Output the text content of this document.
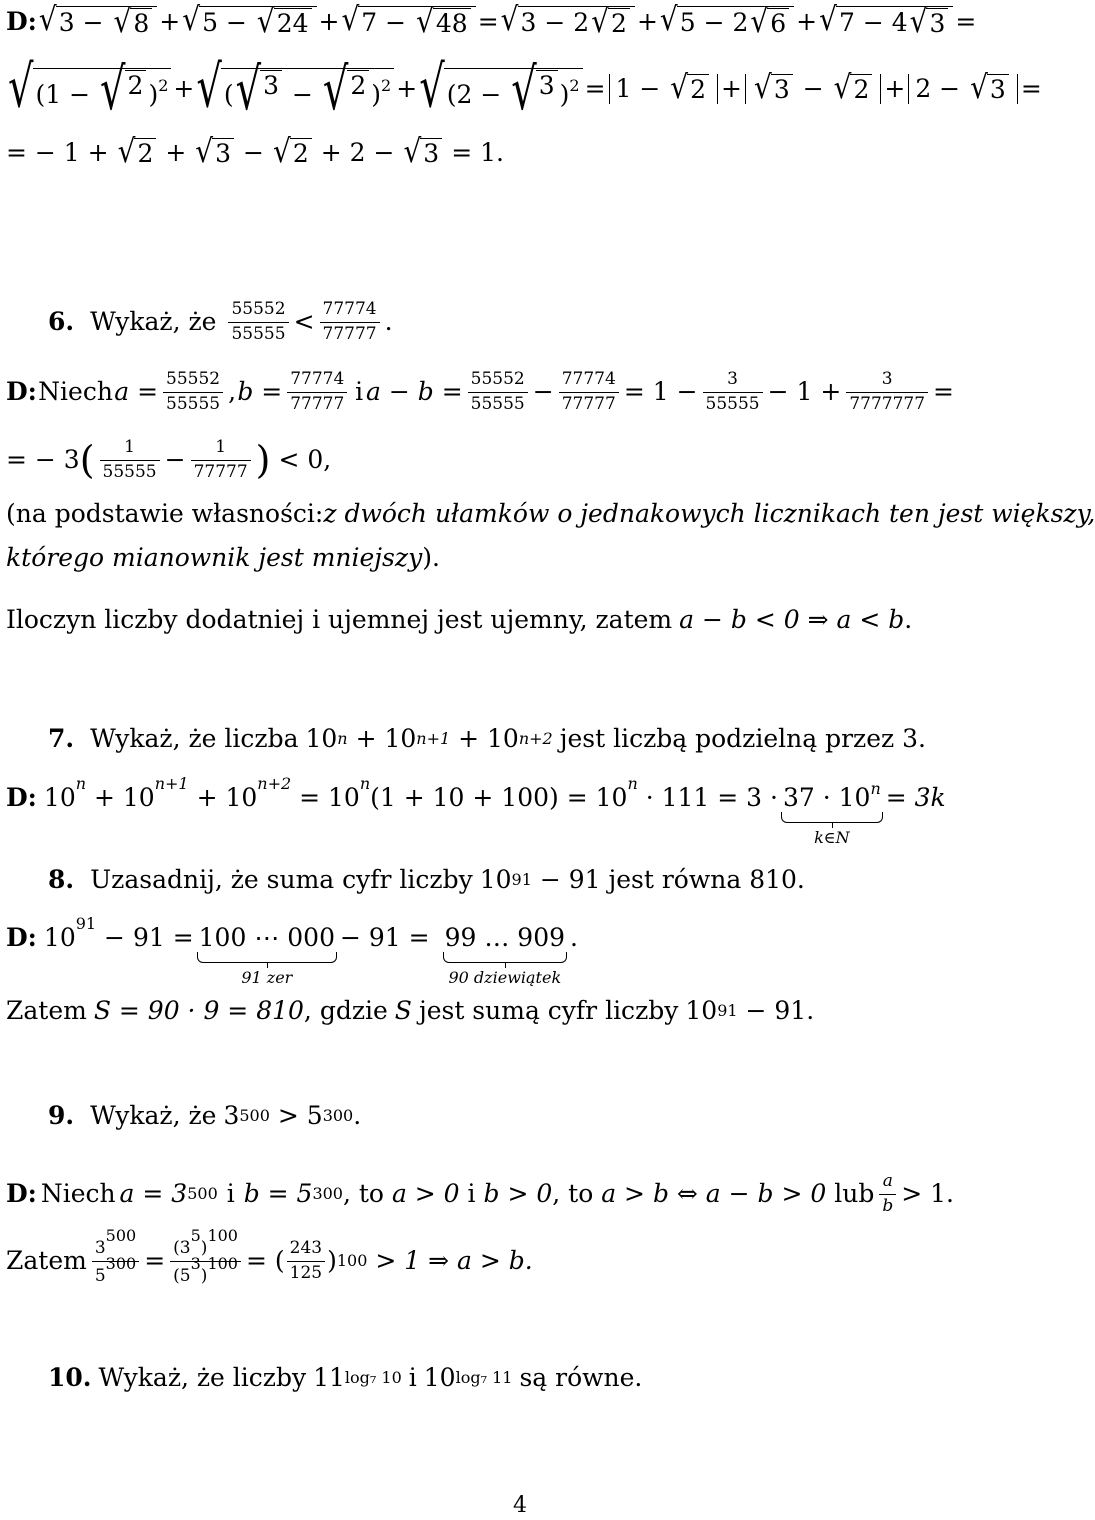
D: √ 3 − √ 8 + √ 5 − √ 24 + √ 7 − √ 48 = √ 3 − 2 √ 2 + √ 5 − 2 √ 6 + √ 7 − 4 √ 3 =
√ (1 − √ 2 )$^2$ + √ ( √ 3 − √ 2 )$^2$ + √ (2 − √ 3 )$^2$ = 1 − √ 2 + √ 3 − √ 2 + 2 − √ 3 =
= − 1 + √ 2 + √ 3 − √ 2 + 2 − √ 3 = 1.
6. Wykaż, że $\frac{55552}{55555} < \frac{77774}{77777}$ .
D: Niech a
= $\frac{55552}{55555}$ , b
= $\frac{77774}{77777}$ i a − b
= $\frac{55552}{55555} - \frac{77774}{77777}$ =
1
− $\frac{3}{55555} - 1 + \frac{3}{7777777}$ =
= − 3 ( $\frac{1}{55555} - \frac{1}{77777}$ )
< 0,
(na podstawie własności: z dwóch ułamków o jednakowych licznikach ten jest większy,
którego mianownik jest mniejszy ).
Iloczyn liczby dodatniej i ujemnej jest ujemny, zatem a − b < 0 ⇒ a < b .
7. Wykaż, że liczba 10 n
+
10 n+1
+
10 n+2 jest liczbą podzielną przez 3.
D: 10 n
+
10 n+1
+
10 n+2
= 10 n (1 + 10 + 100) = 10 n
· $111 = 3 \cdot 37 \cdot 10^n$
k∈N
= 3k
8. Uzasadnij, że suma cyfr liczby 10 91
− 91 jest równa 810.
D: 10 91
− 91 = 100 ⋯ 000
91 zer
− 91 = 99 … 909
90 dziewiątek
.
Zatem S = 90 · 9 = 810 , gdzie S jest sumą cyfr liczby 10 91
− 91.
9. Wykaż, że 3 500
>
5 300 .
D: Niech a = 3 500 i b = 5 300 , to
a > 0
i
b > 0 , to
a > b ⇔ a − b > 0
lub $\frac{a}{b} > 1$.
Zatem $\frac{3^{500}}{5^{300}} = \frac{(3^5)^{100}}{(5^3)^{100}}$ =
( $\frac{243}{125}$ ) 100
> 1 ⇒ a > b.
10. Wykaż, że liczby 11 log₇ 10 i 10 log₇ 11 są równe.
4
